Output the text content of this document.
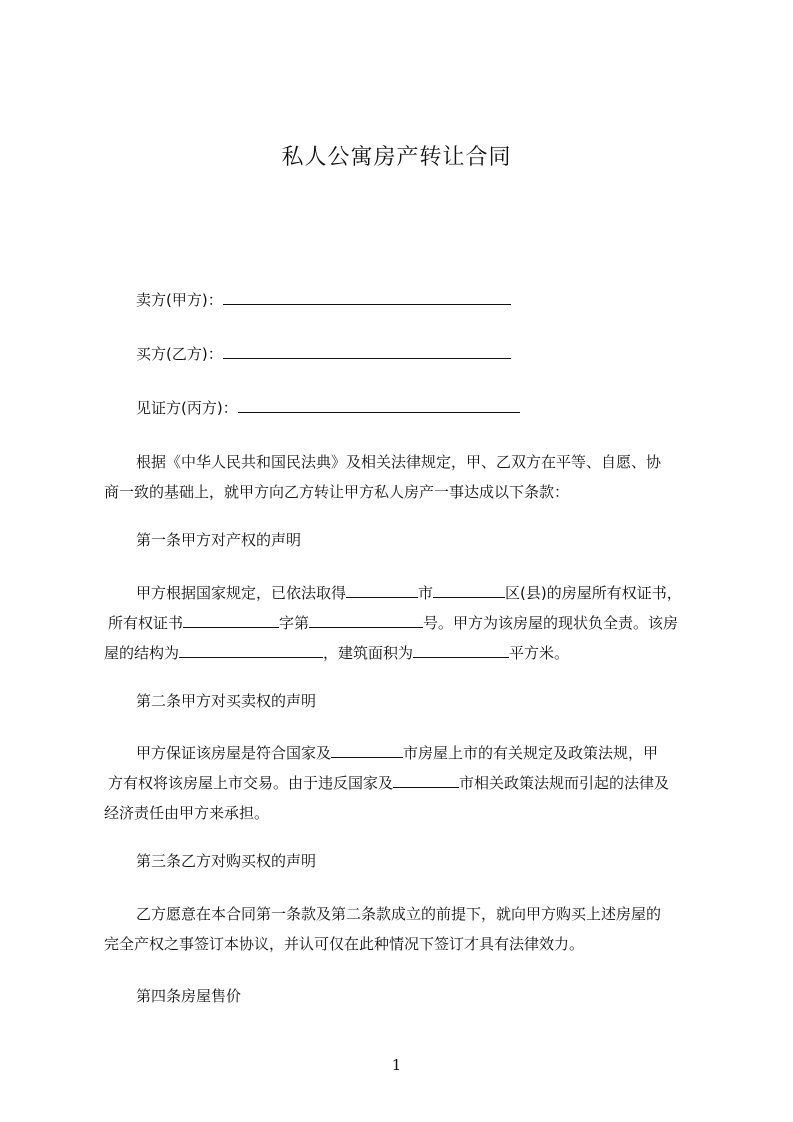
私人公寓房产转让合同
卖方(甲方)：
买方(乙方)：
见证方(丙方)：
根据《中华人民共和国民法典》及相关法律规定，甲、乙双方在平等、自愿、协
商一致的基础上，就甲方向乙方转让甲方私人房产一事达成以下条款：
第一条甲方对产权的声明
甲方根据国家规定，已依法取得	市	区(县)的房屋所有权证书，
所有权证书	字第	号。甲方为该房屋的现状负全责。该房
屋的结构为	，建筑面积为	平方米。
第二条甲方对买卖权的声明
甲方保证该房屋是符合国家及	市房屋上市的有关规定及政策法规，甲
方有权将该房屋上市交易。由于违反国家及	市相关政策法规而引起的法律及
经济责任由甲方来承担。
第三条乙方对购买权的声明
乙方愿意在本合同第一条款及第二条款成立的前提下，就向甲方购买上述房屋的
完全产权之事签订本协议，并认可仅在此种情况下签订才具有法律效力。
第四条房屋售价
1
